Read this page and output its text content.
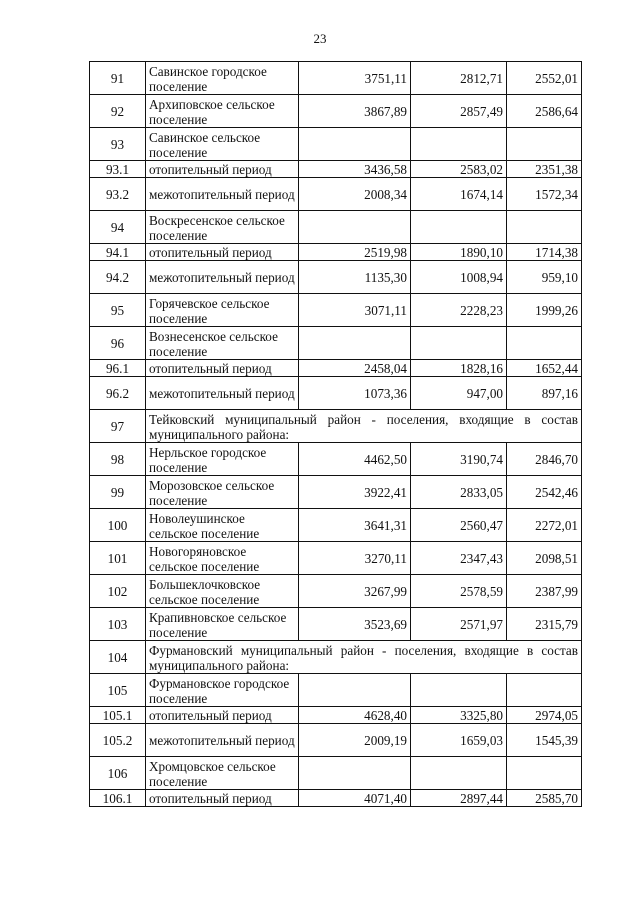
23
91	Савинское городское поселение	3751,11	2812,71	2552,01
92	Архиповское сельское поселение	3867,89	2857,49	2586,64
93	Савинское сельское поселение			
93.1	отопительный период	3436,58	2583,02	2351,38
93.2	межотопительный период	2008,34	1674,14	1572,34
94	Воскресенское сельское поселение			
94.1	отопительный период	2519,98	1890,10	1714,38
94.2	межотопительный период	1135,30	1008,94	959,10
95	Горячевское сельское поселение	3071,11	2228,23	1999,26
96	Вознесенское сельское поселение			
96.1	отопительный период	2458,04	1828,16	1652,44
96.2	межотопительный период	1073,36	947,00	897,16
97	Тейковский муниципальный район - поселения, входящие в состав муниципального района:			
98	Нерльское городское поселение	4462,50	3190,74	2846,70
99	Морозовское сельское поселение	3922,41	2833,05	2542,46
100	Новолеушинское сельское поселение	3641,31	2560,47	2272,01
101	Новогоряновское сельское поселение	3270,11	2347,43	2098,51
102	Большеклочковское сельское поселение	3267,99	2578,59	2387,99
103	Крапивновское сельское поселение	3523,69	2571,97	2315,79
104	Фурмановский муниципальный район - поселения, входящие в состав муниципального района:			
105	Фурмановское городское поселение			
105.1	отопительный период	4628,40	3325,80	2974,05
105.2	межотопительный период	2009,19	1659,03	1545,39
106	Хромцовское сельское поселение			
106.1	отопительный период	4071,40	2897,44	2585,70
